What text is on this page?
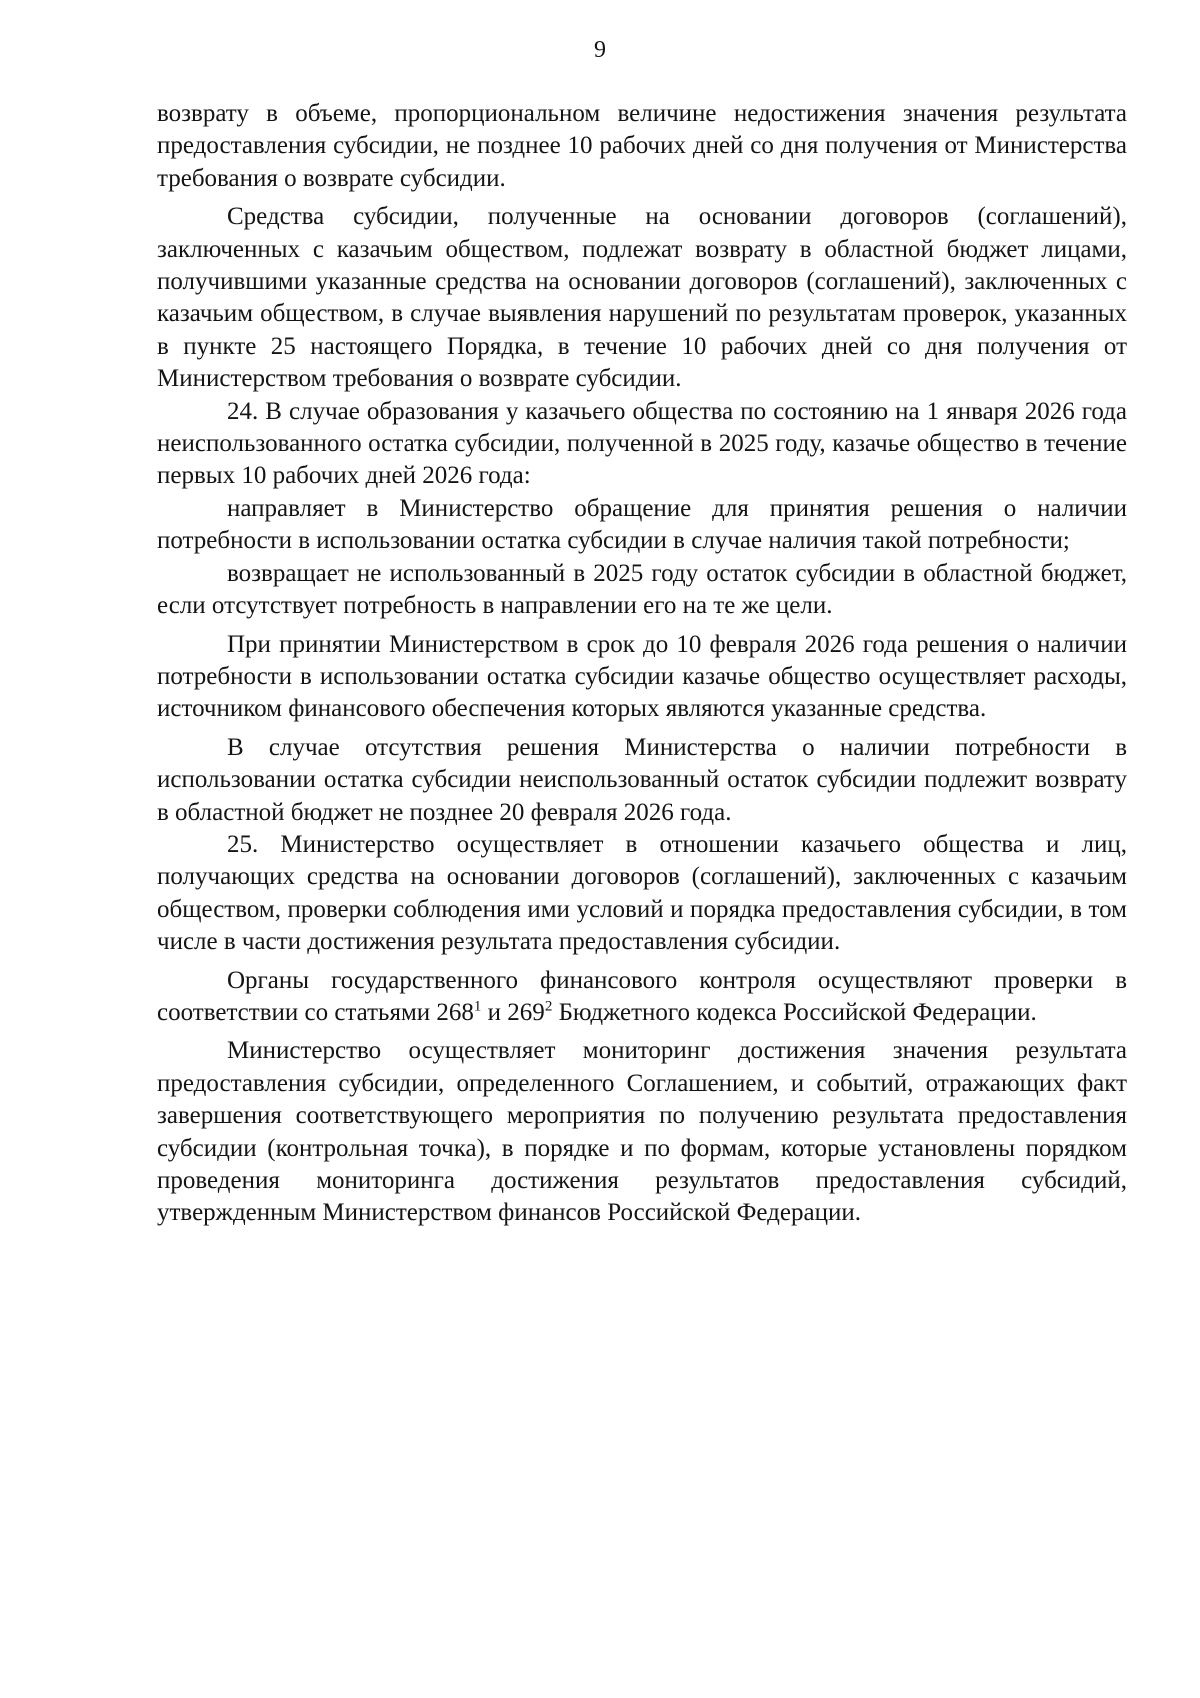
9

возврату в объеме, пропорциональном величине недостижения значения результата предоставления субсидии, не позднее 10 рабочих дней со дня получения от Министерства требования о возврате субсидии.

Средства субсидии, полученные на основании договоров (соглашений), заключенных с казачьим обществом, подлежат возврату в областной бюджет лицами, получившими указанные средства на основании договоров (соглашений), заключенных с казачьим обществом, в случае выявления нарушений по результатам проверок, указанных в пункте 25 настоящего Порядка, в течение 10 рабочих дней со дня получения от Министерством требования о возврате субсидии.

24. В случае образования у казачьего общества по состоянию на 1 января 2026 года неиспользованного остатка субсидии, полученной в 2025 году, казачье общество в течение первых 10 рабочих дней 2026 года:

направляет в Министерство обращение для принятия решения о наличии потребности в использовании остатка субсидии в случае наличия такой потребности;

возвращает не использованный в 2025 году остаток субсидии в областной бюджет, если отсутствует потребность в направлении его на те же цели.

При принятии Министерством в срок до 10 февраля 2026 года решения о наличии потребности в использовании остатка субсидии казачье общество осуществляет расходы, источником финансового обеспечения которых являются указанные средства.

В случае отсутствия решения Министерства о наличии потребности в использовании остатка субсидии неиспользованный остаток субсидии подлежит возврату в областной бюджет не позднее 20 февраля 2026 года.

25. Министерство осуществляет в отношении казачьего общества и лиц, получающих средства на основании договоров (соглашений), заключенных с казачьим обществом, проверки соблюдения ими условий и порядка предоставления субсидии, в том числе в части достижения результата предоставления субсидии.

Органы государственного финансового контроля осуществляют проверки в соответствии со статьями $268^1$ и $269^2$ Бюджетного кодекса Российской Федерации.

Министерство осуществляет мониторинг достижения значения результата предоставления субсидии, определенного Соглашением, и событий, отражающих факт завершения соответствующего мероприятия по получению результата предоставления субсидии (контрольная точка), в порядке и по формам, которые установлены порядком проведения мониторинга достижения результатов предоставления субсидий, утвержденным Министерством финансов Российской Федерации.
